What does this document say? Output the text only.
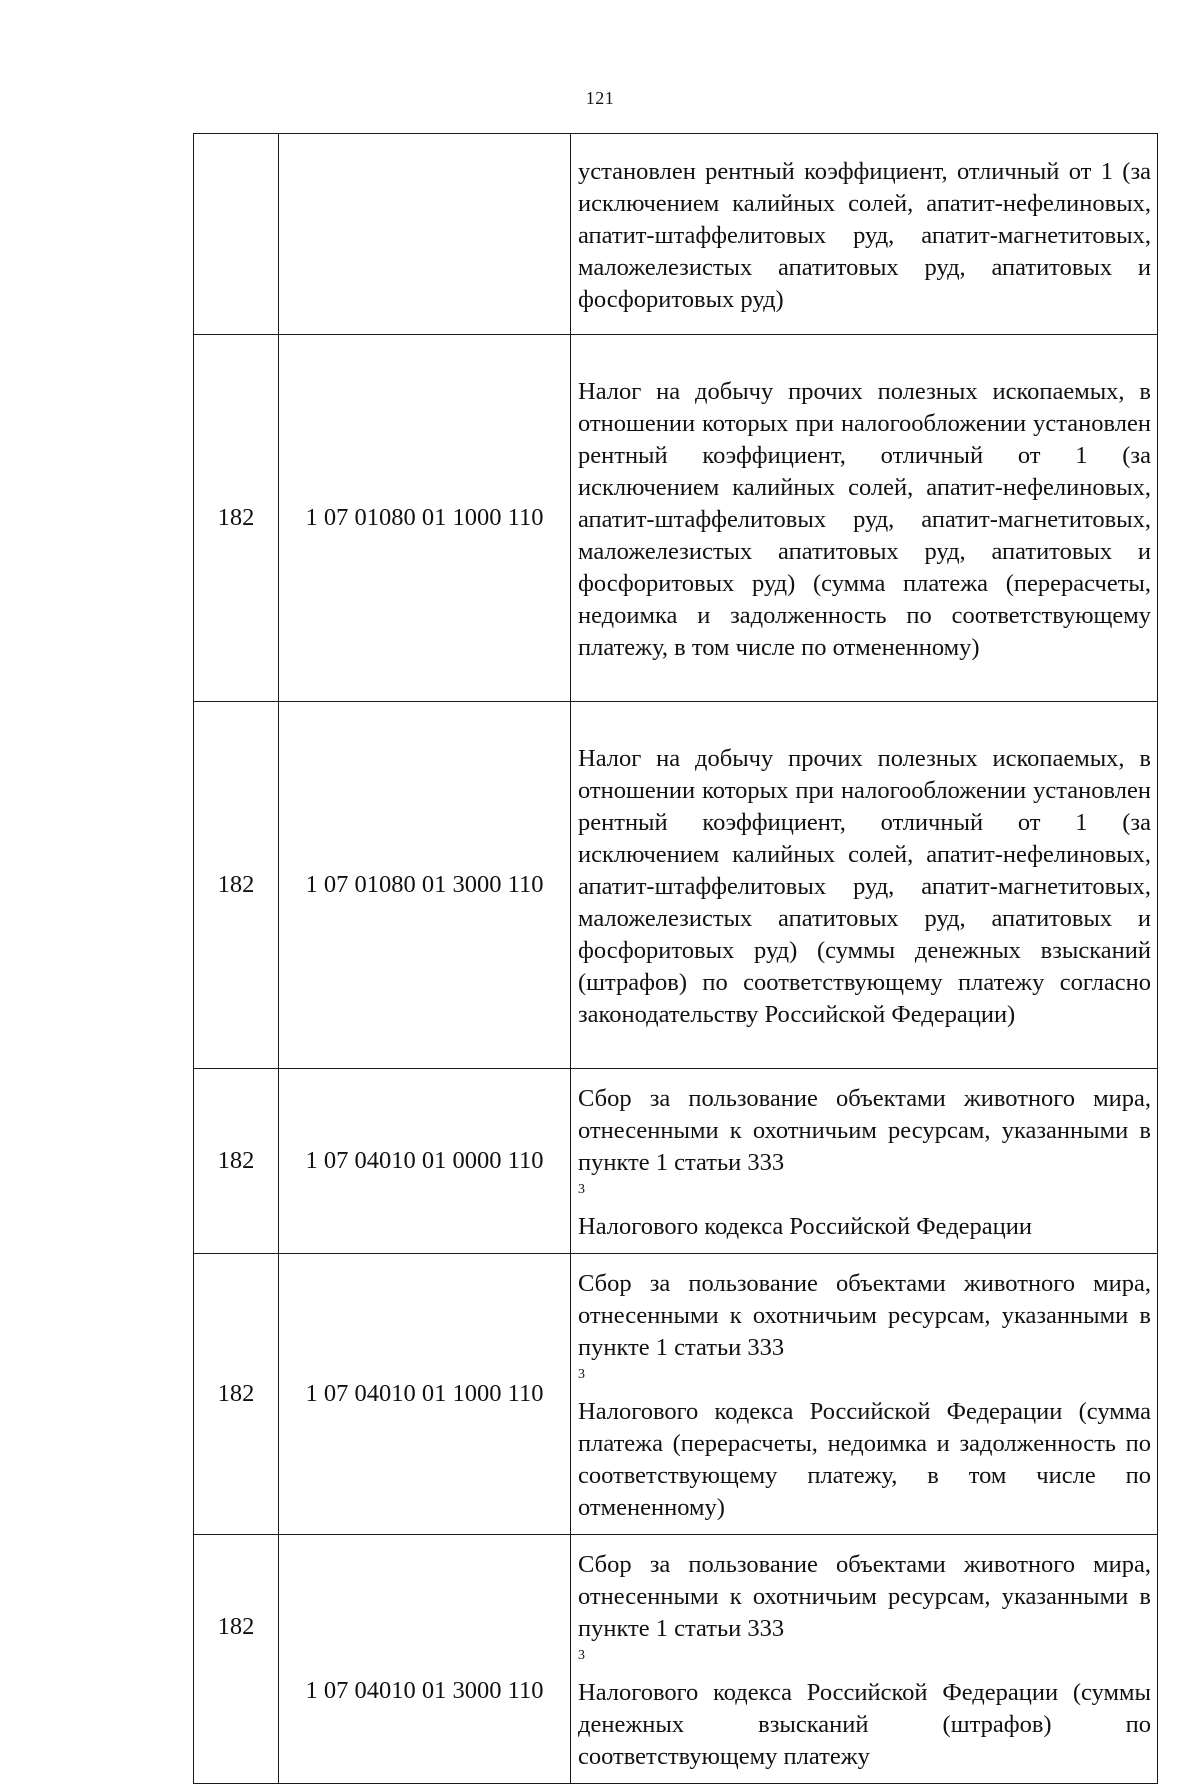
121

		установлен рентный коэффициент, отличный от 1 (за исключением калийных солей, апатит-нефелиновых, апатит-штаффелитовых руд, апатит-магнетитовых, маложелезистых апатитовых руд, апатитовых и фосфоритовых руд)

182	1 07 01080 01 1000 110	Налог на добычу прочих полезных ископаемых, в отношении которых при налогообложении установлен рентный коэффициент, отличный от 1 (за исключением калийных солей, апатит-нефелиновых, апатит-штаффелитовых руд, апатит-магнетитовых, маложелезистых апатитовых руд, апатитовых и фосфоритовых руд) (сумма платежа (перерасчеты, недоимка и задолженность по соответствующему платежу, в том числе по отмененному)

182	1 07 01080 01 3000 110	Налог на добычу прочих полезных ископаемых, в отношении которых при налогообложении установлен рентный коэффициент, отличный от 1 (за исключением калийных солей, апатит-нефелиновых, апатит-штаффелитовых руд, апатит-магнетитовых, маложелезистых апатитовых руд, апатитовых и фосфоритовых руд) (суммы денежных взысканий (штрафов) по соответствующему платежу согласно законодательству Российской Федерации)

182	1 07 04010 01 0000 110	Сбор за пользование объектами животного мира, отнесенными к охотничьим ресурсам, указанными в пункте 1 статьи 333
$^3$
Налогового кодекса Российской Федерации

182	1 07 04010 01 1000 110	Сбор за пользование объектами животного мира, отнесенными к охотничьим ресурсам, указанными в пункте 1 статьи 333
$^3$
Налогового кодекса Российской Федерации (сумма платежа (перерасчеты, недоимка и задолженность по соответствующему платежу, в том числе по отмененному)

182	1 07 04010 01 3000 110	Сбор за пользование объектами животного мира, отнесенными к охотничьим ресурсам, указанными в пункте 1 статьи 333
$^3$
Налогового кодекса Российской Федерации (суммы денежных взысканий (штрафов) по соответствующему платежу
